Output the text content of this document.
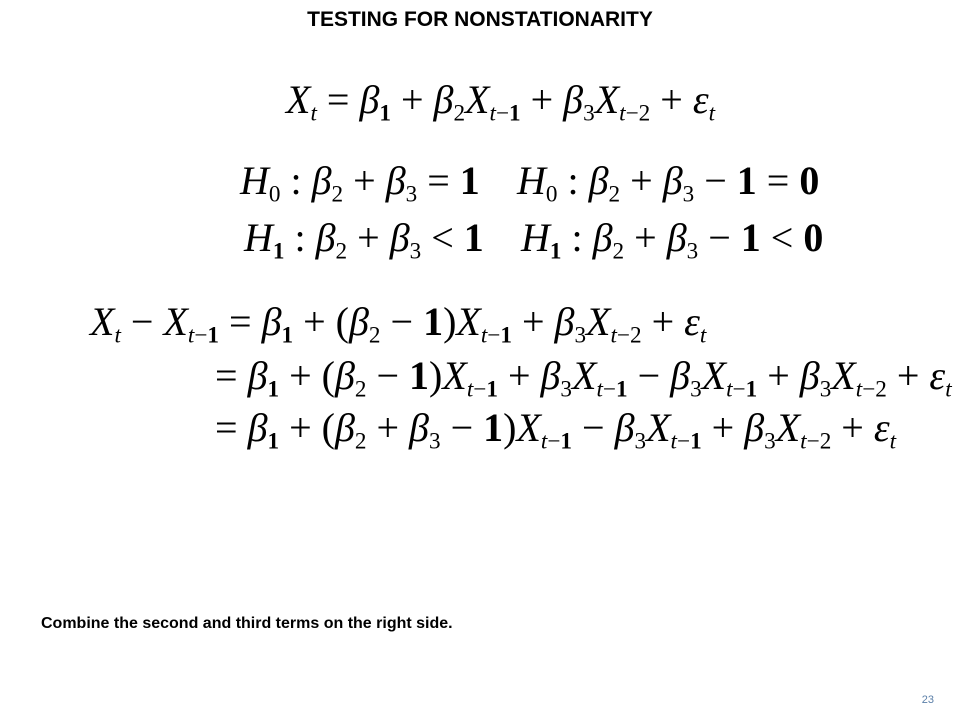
TESTING FOR NONSTATIONARITY
$X_t = \beta_1 + \beta_2X_{t-1} + \beta_3X_{t-2} + \varepsilon_t$
$H_0$ : $\beta_2 + \beta_3 = 1$ $H_0$ : $\beta_2 + \beta_3 - 1 = 0$
$H_1$ : $\beta_2 + \beta_3 < 1$ $H_1$ : $\beta_2 + \beta_3 - 1 < 0$
$X_t - X_{t-1} = \beta_1 + (\beta_2 - 1)X_{t-1} + \beta_3X_{t-2} + \varepsilon_t$
= $\beta_1 + (\beta_2 - 1)X_{t-1} + \beta_3X_{t-1} - \beta_3X_{t-1} + \beta_3X_{t-2} + \varepsilon_t$
= $\beta_1 + (\beta_2 + \beta_3 - 1)X_{t-1} - \beta_3X_{t-1} + \beta_3X_{t-2} + \varepsilon_t$
Combine the second and third terms on the right side.
23
